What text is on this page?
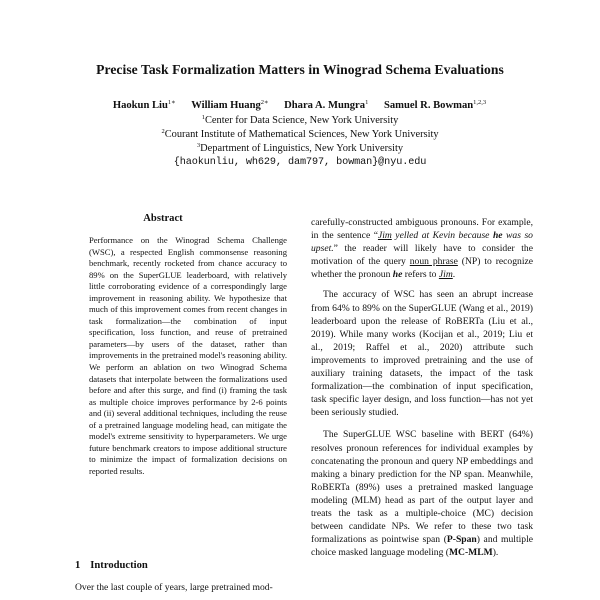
Precise Task Formalization Matters in Winograd Schema Evaluations
Haokun Liu$^{1∗}$ William Huang$^{2∗}$ Dhara A. Mungra$^1$ Samuel R. Bowman$^{1,2,3}$
$^1$Center for Data Science, New York University
$^2$Courant Institute of Mathematical Sciences, New York University
$^3$Department of Linguistics, New York University
{haokunliu, wh629, dam797, bowman}@nyu.edu
Abstract
Performance on the Winograd Schema Challenge (WSC), a respected English commonsense reasoning benchmark, recently rocketed from chance accuracy to 89% on the SuperGLUE leaderboard, with relatively little corroborating evidence of a correspondingly large improvement in reasoning ability. We hypothesize that much of this improvement comes from recent changes in task formalization—the combination of input specification, loss function, and reuse of pretrained parameters—by users of the dataset, rather than improvements in the pretrained model's reasoning ability. We perform an ablation on two Winograd Schema datasets that interpolate between the formalizations used before and after this surge, and find (i) framing the task as multiple choice improves performance by 2-6 points and (ii) several additional techniques, including the reuse of a pretrained language modeling head, can mitigate the model's extreme sensitivity to hyperparameters. We urge future benchmark creators to impose additional structure to minimize the impact of formalization decisions on reported results.
1 Introduction
Over the last couple of years, large pretrained mod-

carefully-constructed ambiguous pronouns. For example, in the sentence “Jim yelled at Kevin because he was so upset.” the reader will likely have to consider the motivation of the query noun phrase (NP) to recognize whether the pronoun he refers to Jim.

The accuracy of WSC has seen an abrupt increase from 64% to 89% on the SuperGLUE (Wang et al., 2019) leaderboard upon the release of RoBERTa (Liu et al., 2019). While many works (Kocijan et al., 2019; Liu et al., 2019; Raffel et al., 2020) attribute such improvements to improved pretraining and the use of auxiliary training datasets, the impact of the task formalization—the combination of input specification, task specific layer design, and loss function—has not yet been seriously studied.

The SuperGLUE WSC baseline with BERT (64%) resolves pronoun references for individual examples by concatenating the pronoun and query NP embeddings and making a binary prediction for the NP span. Meanwhile, RoBERTa (89%) uses a pretrained masked language modeling (MLM) head as part of the output layer and treats the task as a multiple-choice (MC) decision between candidate NPs. We refer to these two task formalizations as pointwise span (P-Span) and multiple choice masked language modeling (MC-MLM).
